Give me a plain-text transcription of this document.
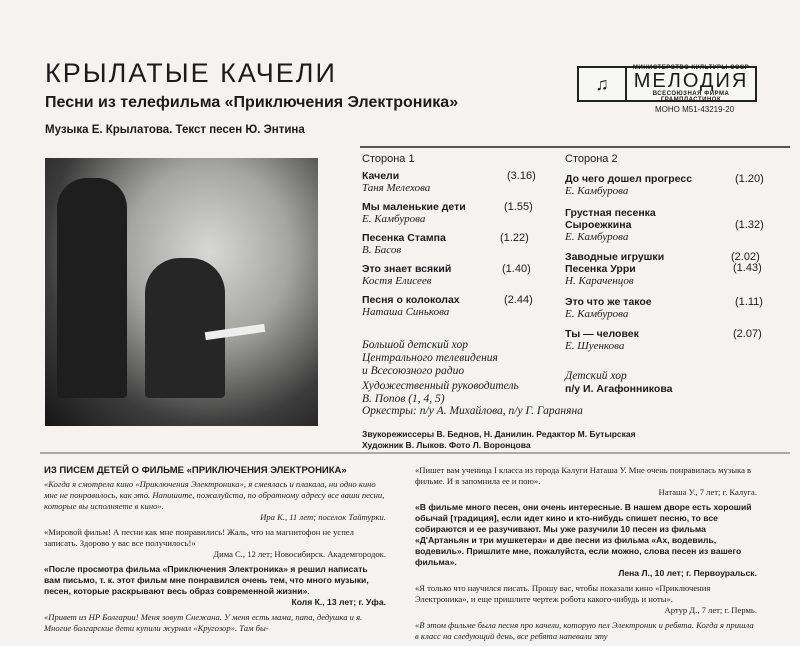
КРЫЛАТЫЕ КАЧЕЛИ
Песни из телефильма «Приключения Электроника»
Музыка Е. Крылатова. Текст песен Ю. Энтина
♫
МИНИСТЕРСТВО КУЛЬТУРЫ СССР
МЕЛОДИЯ
ВСЕСОЮЗНАЯ ФИРМА ГРАМПЛАСТИНОК
МОНО М51-43219-20
Сторона 1
Качели
Таня Мелехова
(3.16)
Мы маленькие дети
Е. Камбурова
(1.55)
Песенка Стампа
В. Басов
(1.22)
Это знает всякий
Костя Елисеев
(1.40)
Песня о колоколах
Наташа Синькова
(2.44)
Большой детский хор
Центрального телевидения
и Всесоюзного радио
Художественный руководитель
В. Попов (1, 4, 5)
Сторона 2
До чего дошел прогресс
Е. Камбурова
(1.20)
Грустная песенка
Сыроежкина
Е. Камбурова
(1.32)
Заводные игрушки
Песенка Урри
Н. Караченцов
(2.02)
(1.43)
Это что же такое
Е. Камбурова
(1.11)
Ты — человек
Е. Шуенкова
(2.07)
Детский хор
п/у И. Агафонникова
Оркестры: п/у А. Михайлова, п/у Г. Гараняна
Звукорежиссеры В. Беднов, Н. Данилин. Редактор М. Бутырская
Художник В. Лыков. Фото Л. Воронцова
ИЗ ПИСЕМ ДЕТЕЙ О ФИЛЬМЕ «ПРИКЛЮЧЕНИЯ ЭЛЕКТРОНИКА»

«Когда я смотрела кино «Приключения Электроника», я смеялась и плакала, ни одно кино мне не понравилось, как это. Напишите, пожалуйста, по обратному адресу все ваши песни, которые вы исполняете в кино».
Ира К., 11 лет; поселок Тайтурки.

«Мировой фильм! А песни как мне понравились! Жаль, что на магнитофон не успел записать. Здорово у вас все получилось!»
Дима С., 12 лет; Новосибирск. Академгородок.

«После просмотра фильма «Приключения Электроника» я решил написать вам письмо, т. к. этот фильм мне понравился очень тем, что много музыки, песен, которые раскрывают весь образ современной жизни».
Коля К., 13 лет; г. Уфа.

«Привет из НР Болгарии! Меня зовут Снежана. У меня есть мама, папа, дедушка и я. Многие болгарские дети купили журнал «Кругозор». Там бы-

«Пишет вам ученица I класса из города Калуги Наташа У. Мне очень понравилась музыка в фильме. И я запомнила ее и пою».
Наташа У., 7 лет; г. Калуга.

«В фильме много песен, они очень интересные. В нашем дворе есть хороший обычай [традиция], если идет кино и кто-нибудь спишет песню, то все собираются и ее разучивают. Мы уже разучили 10 песен из фильма «Д'Артаньян и три мушкетера» и две песни из фильма «Ах, водевиль, водевиль». Пришлите мне, пожалуйста, если можно, слова песен из вашего фильма».
Лена Л., 10 лет; г. Первоуральск.

«Я только что научился писать. Прошу вас, чтобы показали кино «Приключения Электроника», и еще пришлите чертеж робота какого-нибудь и ноты».
Артур Д., 7 лет; г. Пермь.

«В этом фильме была песня про качели, которую пел Электроник и ребята. Когда я пришла в класс на следующий день, все ребята напевали эту
